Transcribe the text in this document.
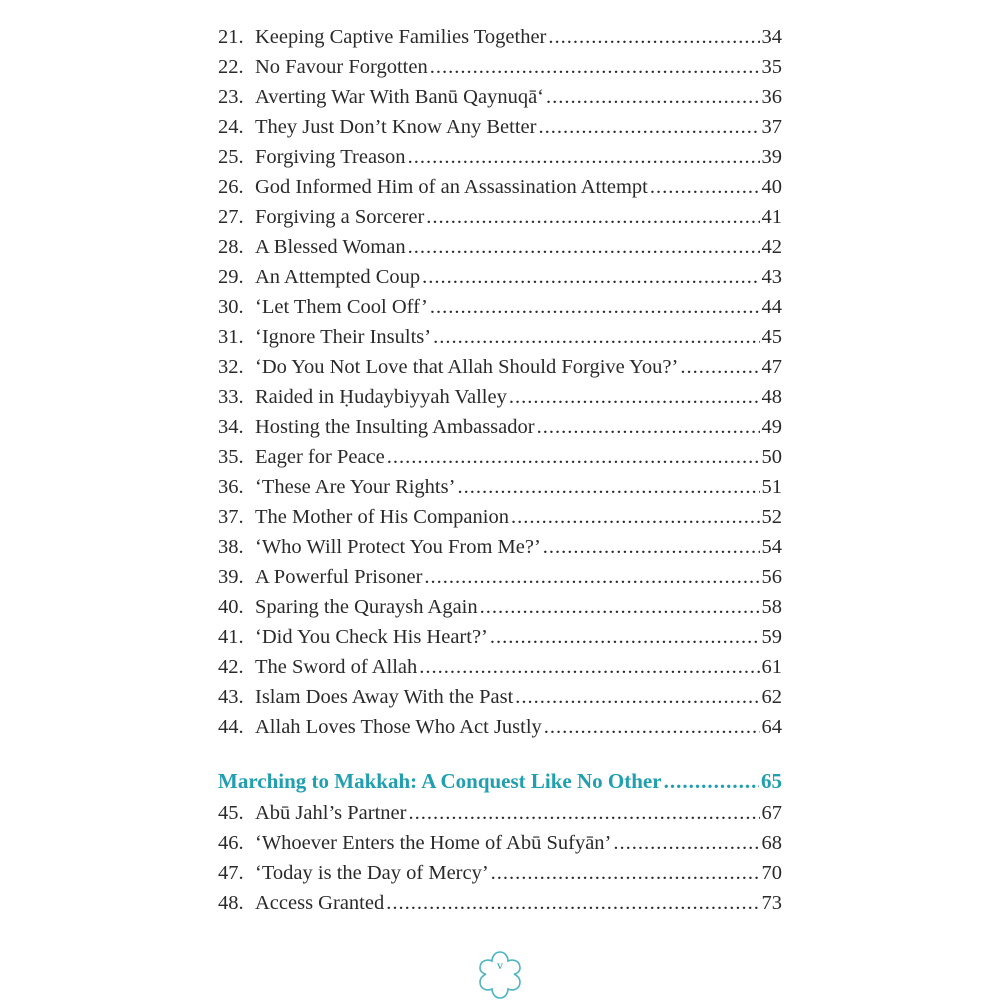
21. Keeping Captive Families Together .....	34
22. No Favour Forgotten .....	35
23. Averting War With Banū Qaynuqā‘ .....	36
24. They Just Don’t Know Any Better .....	37
25. Forgiving Treason .....	39
26. God Informed Him of an Assassination Attempt .....	40
27. Forgiving a Sorcerer .....	41
28. A Blessed Woman .....	42
29. An Attempted Coup .....	43
30. ‘Let Them Cool Off’ .....	44
31. ‘Ignore Their Insults’ .....	45
32. ‘Do You Not Love that Allah Should Forgive You?’ .....	47
33. Raided in Ḥudaybiyyah Valley .....	48
34. Hosting the Insulting Ambassador .....	49
35. Eager for Peace .....	50
36. ‘These Are Your Rights’ .....	51
37. The Mother of His Companion .....	52
38. ‘Who Will Protect You From Me?’ .....	54
39. A Powerful Prisoner .....	56
40. Sparing the Quraysh Again .....	58
41. ‘Did You Check His Heart?’ .....	59
42. The Sword of Allah .....	61
43. Islam Does Away With the Past .....	62
44. Allah Loves Those Who Act Justly .....	64
Marching to Makkah: A Conquest Like No Other .....	65
45. Abū Jahl’s Partner .....	67
46. ‘Whoever Enters the Home of Abū Sufyān’ .....	68
47. ‘Today is the Day of Mercy’ .....	70
48. Access Granted .....	73
v
